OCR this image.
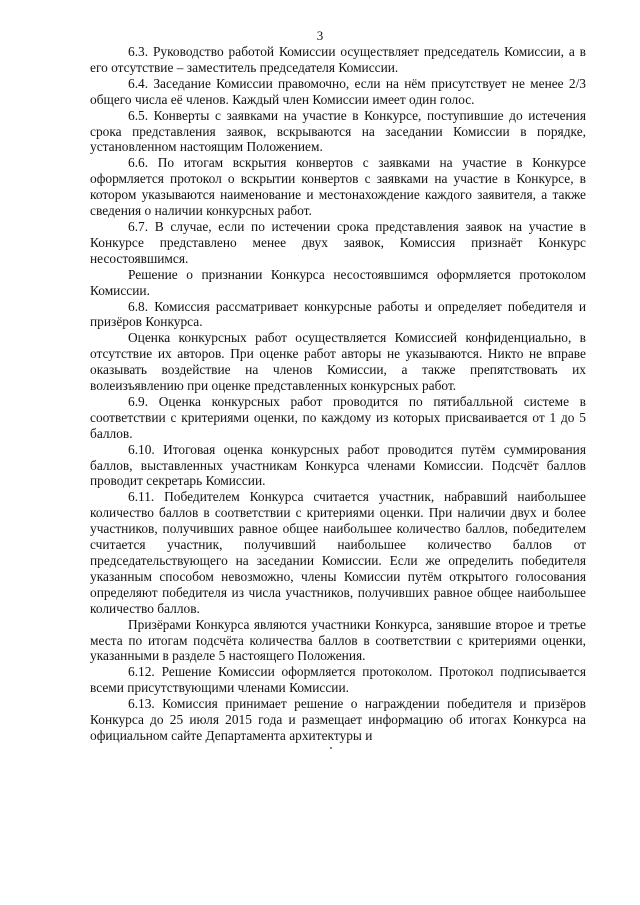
3

6.3. Руководство работой Комиссии осуществляет председатель Комиссии, а в его отсутствие – заместитель председателя Комиссии.

6.4. Заседание Комиссии правомочно, если на нём присутствует не менее 2/3 общего числа её членов. Каждый член Комиссии имеет один голос.

6.5. Конверты с заявками на участие в Конкурсе, поступившие до истечения срока представления заявок, вскрываются на заседании Комиссии в порядке, установленном настоящим Положением.

6.6. По итогам вскрытия конвертов с заявками на участие в Конкурсе оформляется протокол о вскрытии конвертов с заявками на участие в Конкурсе, в котором указываются наименование и местонахождение каждого заявителя, а также сведения о наличии конкурсных работ.

6.7. В случае, если по истечении срока представления заявок на участие в Конкурсе представлено менее двух заявок, Комиссия признаёт Конкурс несостоявшимся.

Решение о признании Конкурса несостоявшимся оформляется протоколом Комиссии.

6.8. Комиссия рассматривает конкурсные работы и определяет победителя и призёров Конкурса.

Оценка конкурсных работ осуществляется Комиссией конфиденциально, в отсутствие их авторов. При оценке работ авторы не указываются. Никто не вправе оказывать воздействие на членов Комиссии, а также препятствовать их волеизъявлению при оценке представленных конкурсных работ.

6.9. Оценка конкурсных работ проводится по пятибалльной системе в соответствии с критериями оценки, по каждому из которых присваивается от 1 до 5 баллов.

6.10. Итоговая оценка конкурсных работ проводится путём суммирования баллов, выставленных участникам Конкурса членами Комиссии. Подсчёт баллов проводит секретарь Комиссии.

6.11. Победителем Конкурса считается участник, набравший наибольшее количество баллов в соответствии с критериями оценки. При наличии двух и более участников, получивших равное общее наибольшее количество баллов, победителем считается участник, получивший наибольшее количество баллов от председательствующего на заседании Комиссии. Если же определить победителя указанным способом невозможно, члены Комиссии путём открытого голосования определяют победителя из числа участников, получивших равное общее наибольшее количество баллов.

Призёрами Конкурса являются участники Конкурса, занявшие второе и третье места по итогам подсчёта количества баллов в соответствии с критериями оценки, указанными в разделе 5 настоящего Положения.

6.12. Решение Комиссии оформляется протоколом. Протокол подписывается всеми присутствующими членами Комиссии.

6.13. Комиссия принимает решение о награждении победителя и призёров Конкурса до 25 июля 2015 года и размещает информацию об итогах Конкурса на официальном сайте Департамента архитектуры и
